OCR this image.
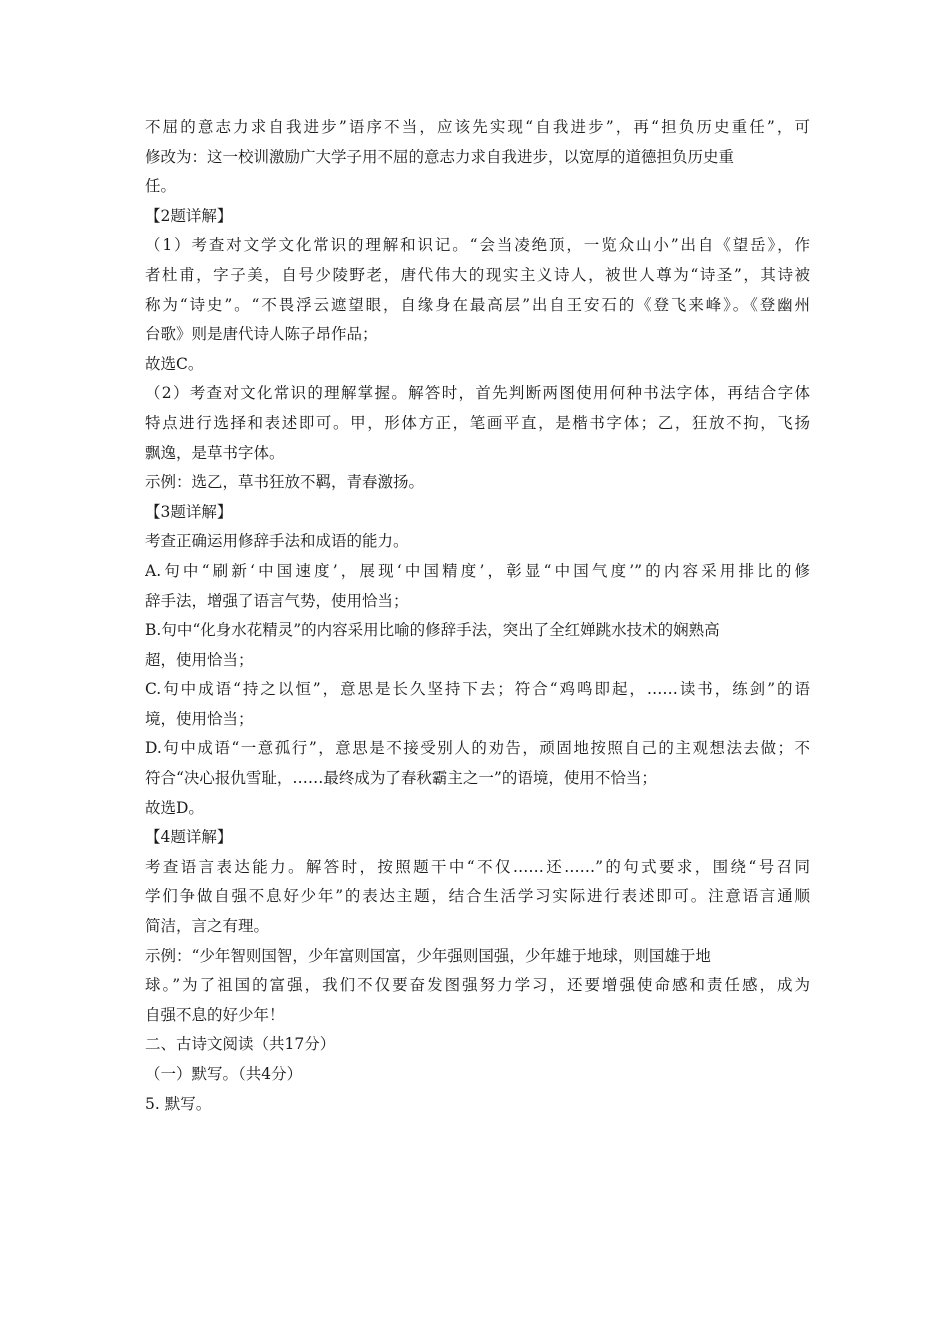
不屈的意志力求自我进步”语序不当，应该先实现“自我进步”，再“担负历史重任”，可
修改为：这一校训激励广大学子用不屈的意志力求自我进步，以宽厚的道德担负历史重
任。
【2题详解】
（1）考查对文学文化常识的理解和识记。“会当凌绝顶，一览众山小”出自《望岳》，作
者杜甫，字子美，自号少陵野老，唐代伟大的现实主义诗人，被世人尊为“诗圣”，其诗被
称为“诗史”。“不畏浮云遮望眼，自缘身在最高层”出自王安石的《登飞来峰》。《登幽州
台歌》则是唐代诗人陈子昂作品；
故选C。
（2）考查对文化常识的理解掌握。解答时，首先判断两图使用何种书法字体，再结合字体
特点进行选择和表述即可。甲，形体方正，笔画平直，是楷书字体；乙，狂放不拘，飞扬
飘逸，是草书字体。
示例：选乙，草书狂放不羁，青春激扬。
【3题详解】
考查正确运用修辞手法和成语的能力。
A.句中“刷新‘中国速度’，展现‘中国精度’，彰显“中国气度’”的内容采用排比的修
辞手法，增强了语言气势，使用恰当；
B.句中“化身水花精灵”的内容采用比喻的修辞手法，突出了全红婵跳水技术的娴熟高
超，使用恰当；
C.句中成语“持之以恒”，意思是长久坚持下去；符合“鸡鸣即起，……读书，练剑”的语
境，使用恰当；
D.句中成语“一意孤行”，意思是不接受别人的劝告，顽固地按照自己的主观想法去做；不
符合“决心报仇雪耻，……最终成为了春秋霸主之一”的语境，使用不恰当；
故选D。
【4题详解】
考查语言表达能力。解答时，按照题干中“不仅……还……”的句式要求，围绕“号召同
学们争做自强不息好少年”的表达主题，结合生活学习实际进行表述即可。注意语言通顺
简洁，言之有理。
示例：“少年智则国智，少年富则国富，少年强则国强，少年雄于地球，则国雄于地
球。”为了祖国的富强，我们不仅要奋发图强努力学习，还要增强使命感和责任感，成为
自强不息的好少年！
二、古诗文阅读（共17分）
（一）默写。（共4分）
5. 默写。
